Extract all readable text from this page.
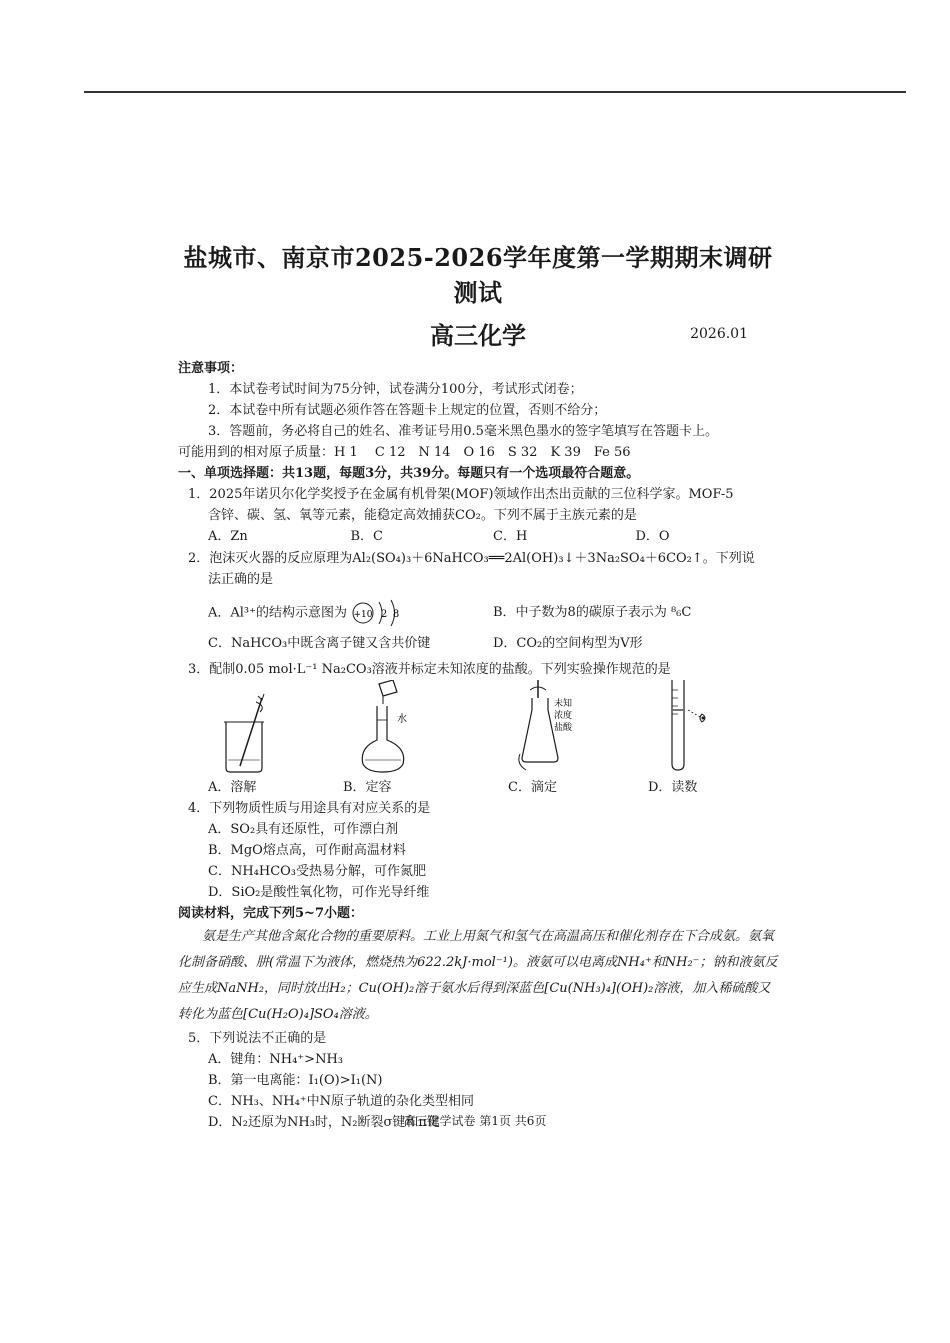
盐城市、南京市2025-2026学年度第一学期期末调研测试
高三化学	2026.01
注意事项：
1．本试卷考试时间为75分钟，试卷满分100分，考试形式闭卷；
2．本试卷中所有试题必须作答在答题卡上规定的位置，否则不给分；
3．答题前，务必将自己的姓名、准考证号用0.5毫米黑色墨水的签字笔填写在答题卡上。
可能用到的相对原子质量：H 1　 C 12　N 14　O 16　S 32　K 39　Fe 56
一、单项选择题：共13题，每题3分，共39分。每题只有一个选项最符合题意。
1．2025年诺贝尔化学奖授予在金属有机骨架(MOF)领域作出杰出贡献的三位科学家。MOF-5
含锌、碳、氢、氧等元素，能稳定高效捕获CO₂。下列不属于主族元素的是
A．Zn	B．C	C．H	D．O
2．泡沫灭火器的反应原理为Al₂(SO₄)₃＋6NaHCO₃══2Al(OH)₃↓＋3Na₂SO₄＋6CO₂↑。下列说
法正确的是
A．Al³⁺的结构示意图为 +10 2 8	B．中子数为8的碳原子表示为 ⁸₆C
C．NaHCO₃中既含离子键又含共价键	D．CO₂的空间构型为V形
3．配制0.05 mol·L⁻¹ Na₂CO₃溶液并标定未知浓度的盐酸。下列实验操作规范的是
A．溶解
水
B．定容
未知
浓度
盐酸
C．滴定	D．读数
4．下列物质性质与用途具有对应关系的是
A．SO₂具有还原性，可作漂白剂
B．MgO熔点高，可作耐高温材料
C．NH₄HCO₃受热易分解，可作氮肥
D．SiO₂是酸性氧化物，可作光导纤维
阅读材料，完成下列5~7小题：
氨是生产其他含氮化合物的重要原料。工业上用氮气和氢气在高温高压和催化剂存在下合成氨。氨氧化制备硝酸、肼(常温下为液体，燃烧热为622.2kJ·mol⁻¹)。液氨可以电离成NH₄⁺和NH₂⁻；钠和液氨反应生成NaNH₂，同时放出H₂；Cu(OH)₂溶于氨水后得到深蓝色[Cu(NH₃)₄](OH)₂溶液，加入稀硫酸又转化为蓝色[Cu(H₂O)₄]SO₄溶液。
5．下列说法不正确的是
A．键角：NH₄⁺>NH₃
B．第一电离能：I₁(O)>I₁(N)
C．NH₃、NH₄⁺中N原子轨道的杂化类型相同
D．N₂还原为NH₃时，N₂断裂σ键和π键
高三化学试卷 第1页 共6页
